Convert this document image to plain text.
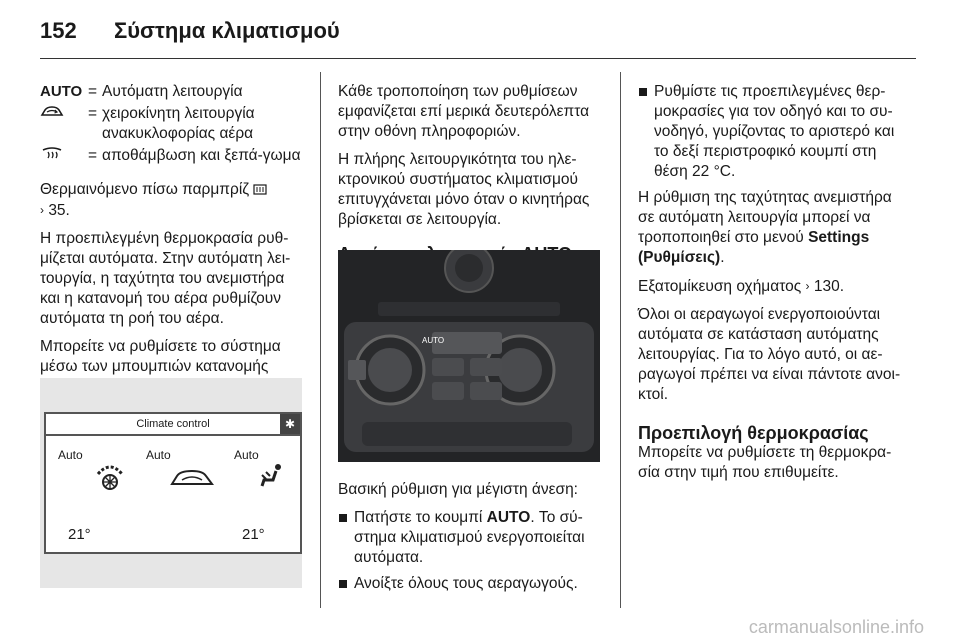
152 Σύστημα κλιματισμού
AUTO = Αυτόματη λειτουργία
= χειροκίνητη λειτουργία ανακυκλοφορίας αέρα
= αποθάμβωση και ξεπά-γωμα

Θερμαινόμενο πίσω παρμπρίζ
› 35.

Η προεπιλεγμένη θερμοκρασία ρυθ-μίζεται αυτόματα. Στην αυτόματη λει-τουργία, η ταχύτητα του ανεμιστήρα και η κατανομή του αέρα ρυθμίζουν αυτόματα τη ροή του αέρα.

Μπορείτε να ρυθμίσετε το σύστημα μέσω των μπουμπιών κατανομής

Climate control	✱
Auto	Auto	Auto
21°	21°

Κάθε τροποποίηση των ρυθμίσεων εμφανίζεται επί μερικά δευτερόλεπτα στην οθόνη πληροφοριών.

Η πλήρης λειτουργικότητα του ηλε-κτρονικού συστήματος κλιματισμού επιτυγχάνεται μόνο όταν ο κινητήρας βρίσκεται σε λειτουργία.

AUTO

Βασική ρύθμιση για μέγιστη άνεση:

Πατήστε το κουμπί AUTO. Το σύ-στημα κλιματισμού ενεργοποιείται αυτόματα.
Ανοίξτε όλους τους αεραγωγούς.
Ρυθμίστε τις προεπιλεγμένες θερ-μοκρασίες για τον οδηγό και το συ-νοδηγό, γυρίζοντας το αριστερό και το δεξί περιστροφικό κουμπί στη θέση 22 °C.

Η ρύθμιση της ταχύτητας ανεμιστήρα σε αυτόματη λειτουργία μπορεί να τροποποιηθεί στο μενού Settings (Ρυθμίσεις).

Εξατομίκευση οχήματος › 130.

Όλοι οι αεραγωγοί ενεργοποιούνται αυτόματα σε κατάσταση αυτόματης λειτουργίας. Για το λόγο αυτό, οι αε-ραγωγοί πρέπει να είναι πάντοτε ανοι-κτοί.

Προεπιλογή θερμοκρασίας

Μπορείτε να ρυθμίσετε τη θερμοκρα-σία στην τιμή που επιθυμείτε.

carmanualsonline.info
